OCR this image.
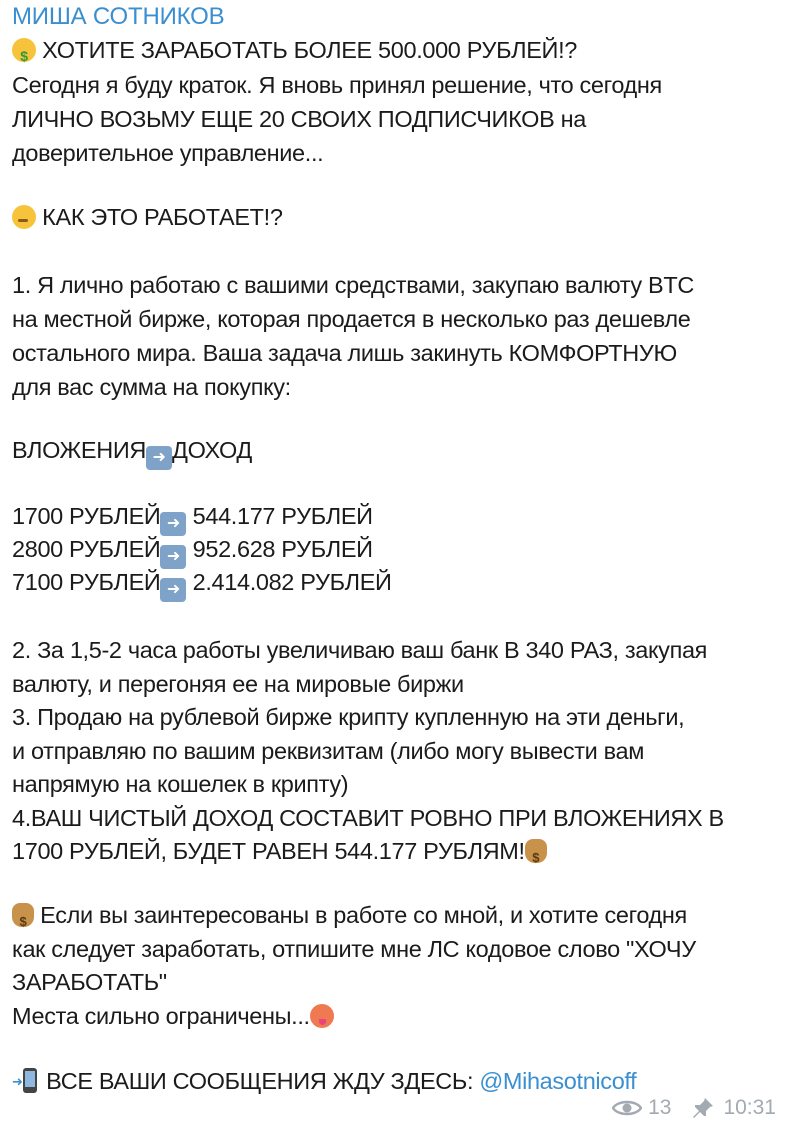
МИША СОТНИКОВ
$ ХОТИТЕ ЗАРАБОТАТЬ БОЛЕЕ 500.000 РУБЛЕЙ!?
Сегодня я буду краток. Я вновь принял решение, что сегодня
ЛИЧНО ВОЗЬМУ ЕЩЕ 20 СВОИХ ПОДПИСЧИКОВ на
доверительное управление...
КАК ЭТО РАБОТАЕТ!?
1. Я лично работаю с вашими средствами, закупаю валюту BTC
на местной бирже, которая продается в несколько раз дешевле
остального мира. Ваша задача лишь закинуть КОМФОРТНУЮ
для вас сумма на покупку:
ВЛОЖЕНИЯ ➜ ДОХОД
1700 РУБЛЕЙ ➜ 544.177 РУБЛЕЙ
2800 РУБЛЕЙ ➜ 952.628 РУБЛЕЙ
7100 РУБЛЕЙ ➜ 2.414.082 РУБЛЕЙ
2. За 1,5-2 часа работы увеличиваю ваш банк В 340 РАЗ, закупая
валюту, и перегоняя ее на мировые биржи
3. Продаю на рублевой бирже крипту купленную на эти деньги,
и отправляю по вашим реквизитам (либо могу вывести вам
напрямую на кошелек в крипту)
4.ВАШ ЧИСТЫЙ ДОХОД СОСТАВИТ РОВНО ПРИ ВЛОЖЕНИЯХ В
1700 РУБЛЕЙ, БУДЕТ РАВЕН 544.177 РУБЛЯМ!$
$ Если вы заинтересованы в работе со мной, и хотите сегодня
как следует заработать, отпишите мне ЛС кодовое слово "ХОЧУ
ЗАРАБОТАТЬ"
Места сильно ограничены...
➜ ВСЕ ВАШИ СООБЩЕНИЯ ЖДУ ЗДЕСЬ: @Mihasotnicoff
13 10:31
